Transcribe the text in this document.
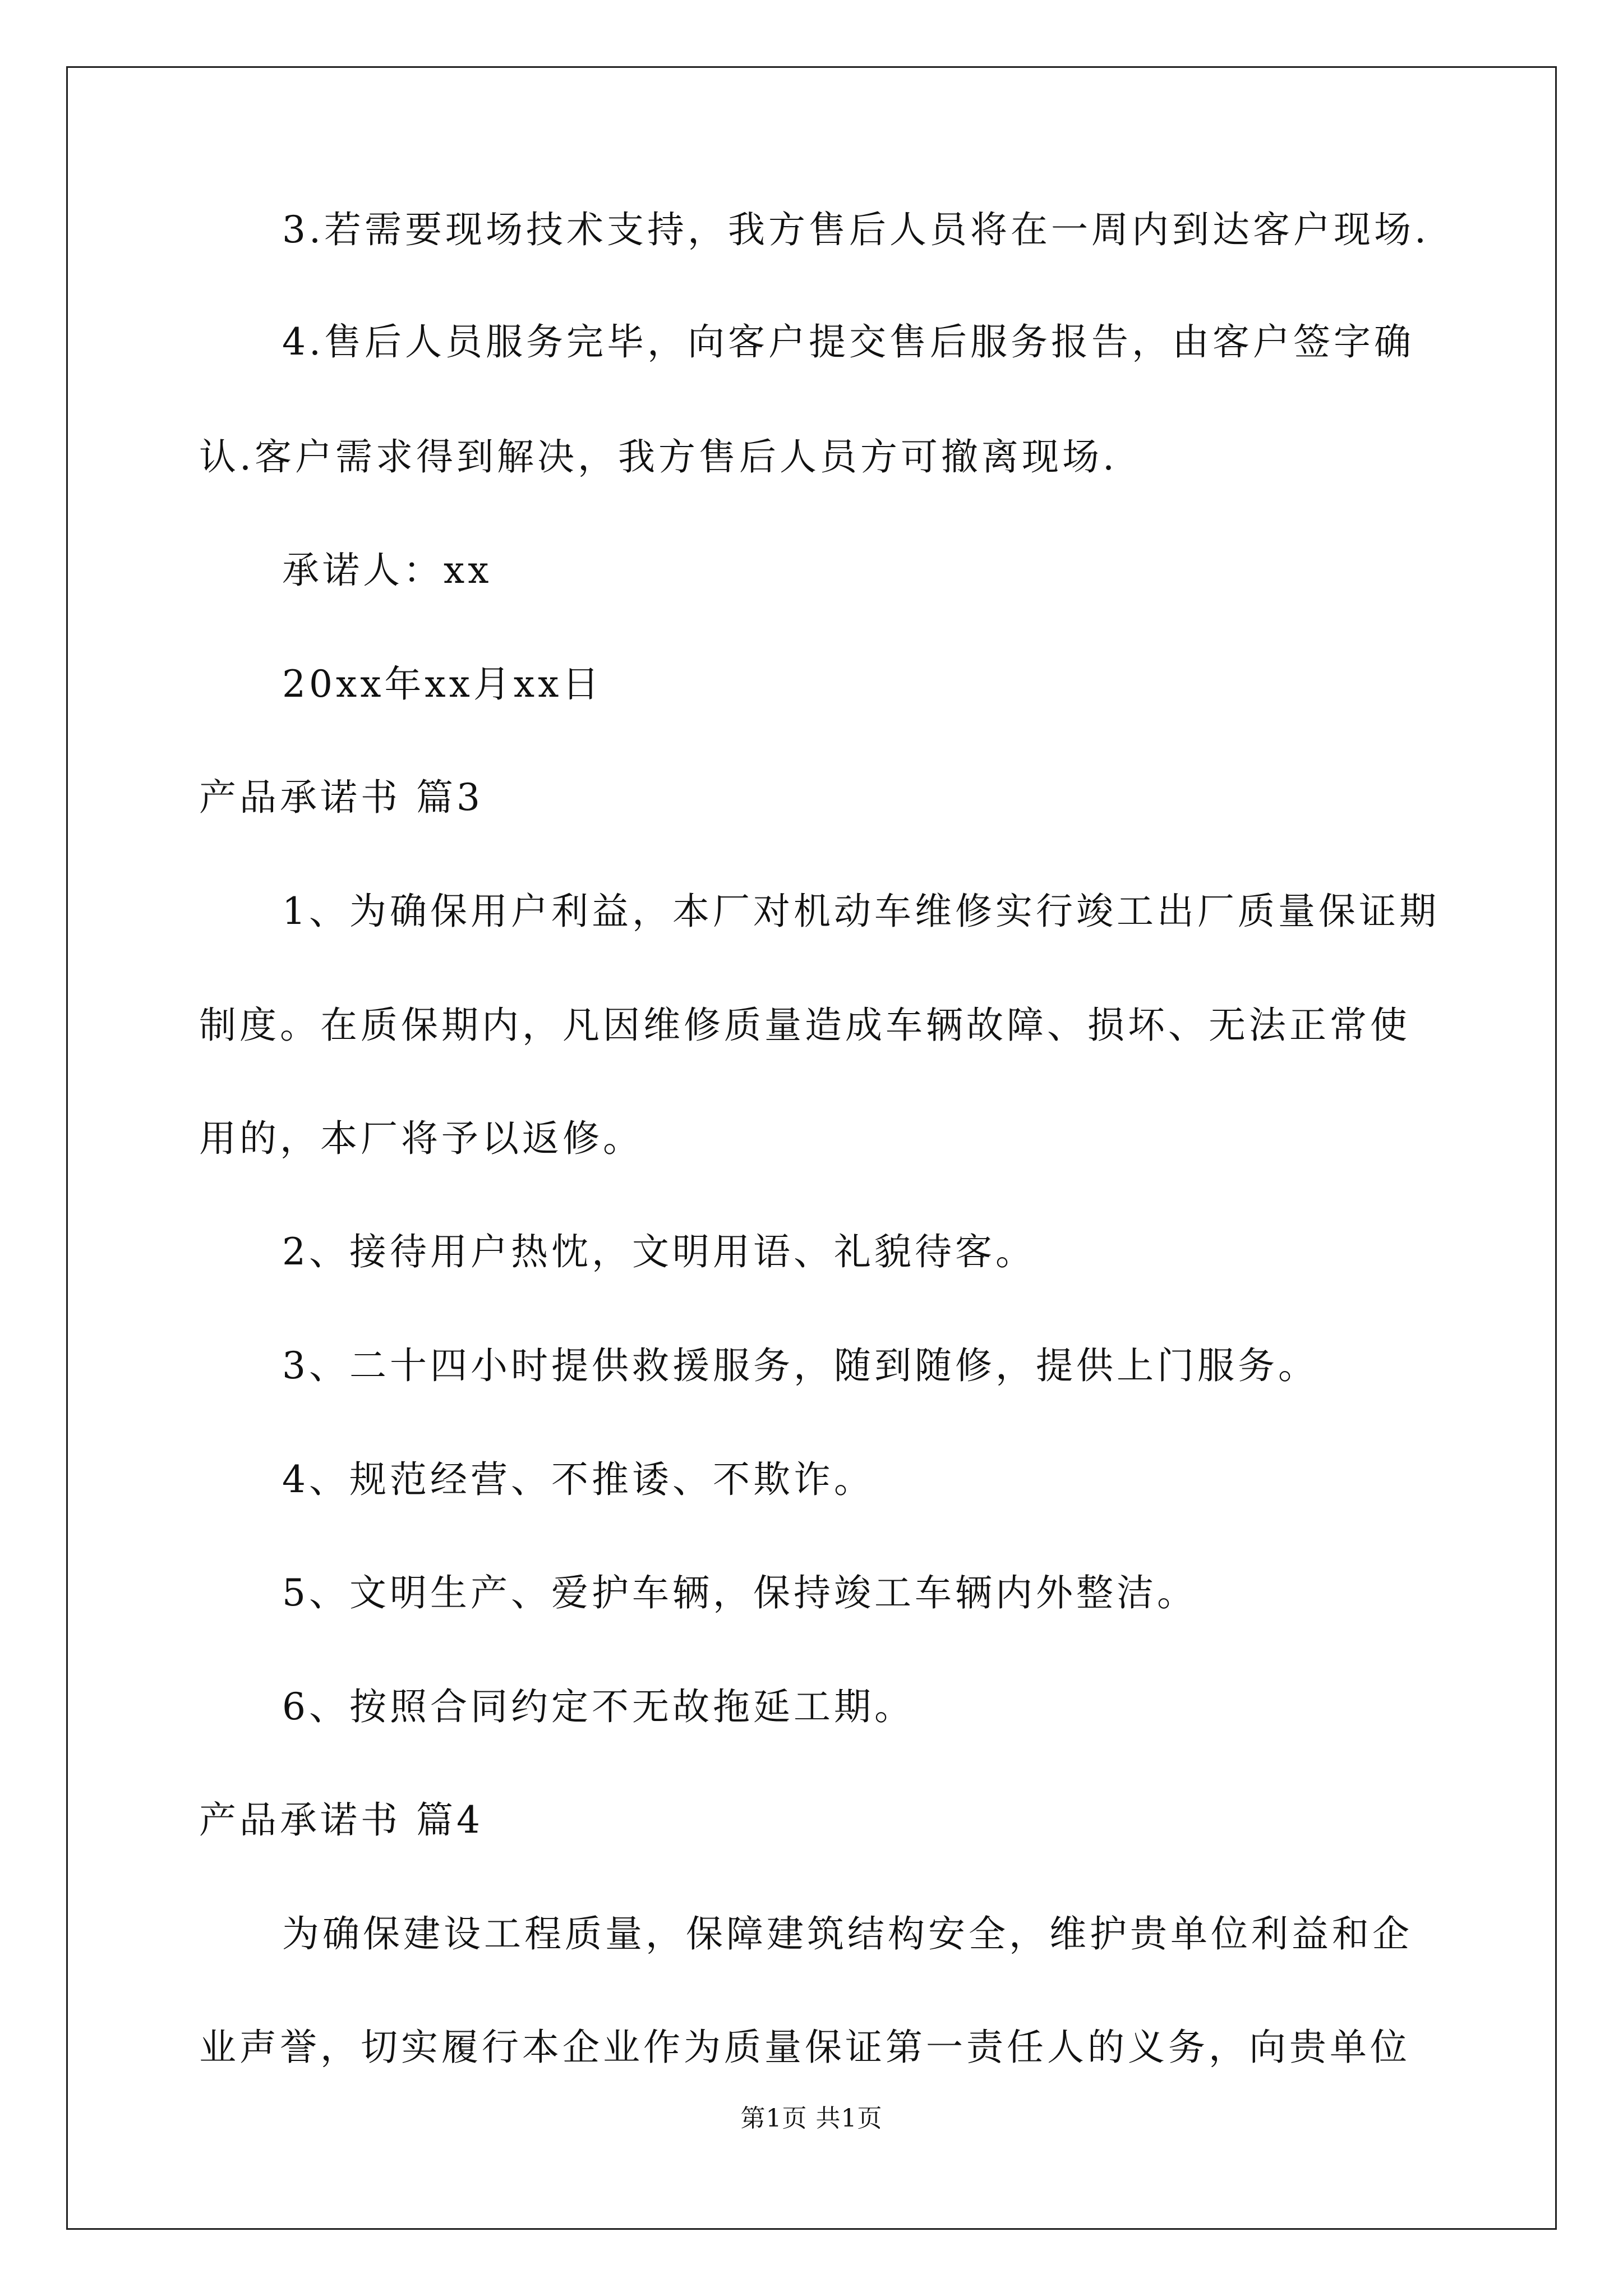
3.若需要现场技术支持，我方售后人员将在一周内到达客户现场.
4.售后人员服务完毕，向客户提交售后服务报告，由客户签字确
认.客户需求得到解决，我方售后人员方可撤离现场.
承诺人：xx
20xx年xx月xx日
产品承诺书 篇3
1、为确保用户利益，本厂对机动车维修实行竣工出厂质量保证期
制度。在质保期内，凡因维修质量造成车辆故障、损坏、无法正常使
用的，本厂将予以返修。
2、接待用户热忱，文明用语、礼貌待客。
3、二十四小时提供救援服务，随到随修，提供上门服务。
4、规范经营、不推诿、不欺诈。
5、文明生产、爱护车辆，保持竣工车辆内外整洁。
6、按照合同约定不无故拖延工期。
产品承诺书 篇4
为确保建设工程质量，保障建筑结构安全，维护贵单位利益和企
业声誉，切实履行本企业作为质量保证第一责任人的义务，向贵单位
第1页 共1页
